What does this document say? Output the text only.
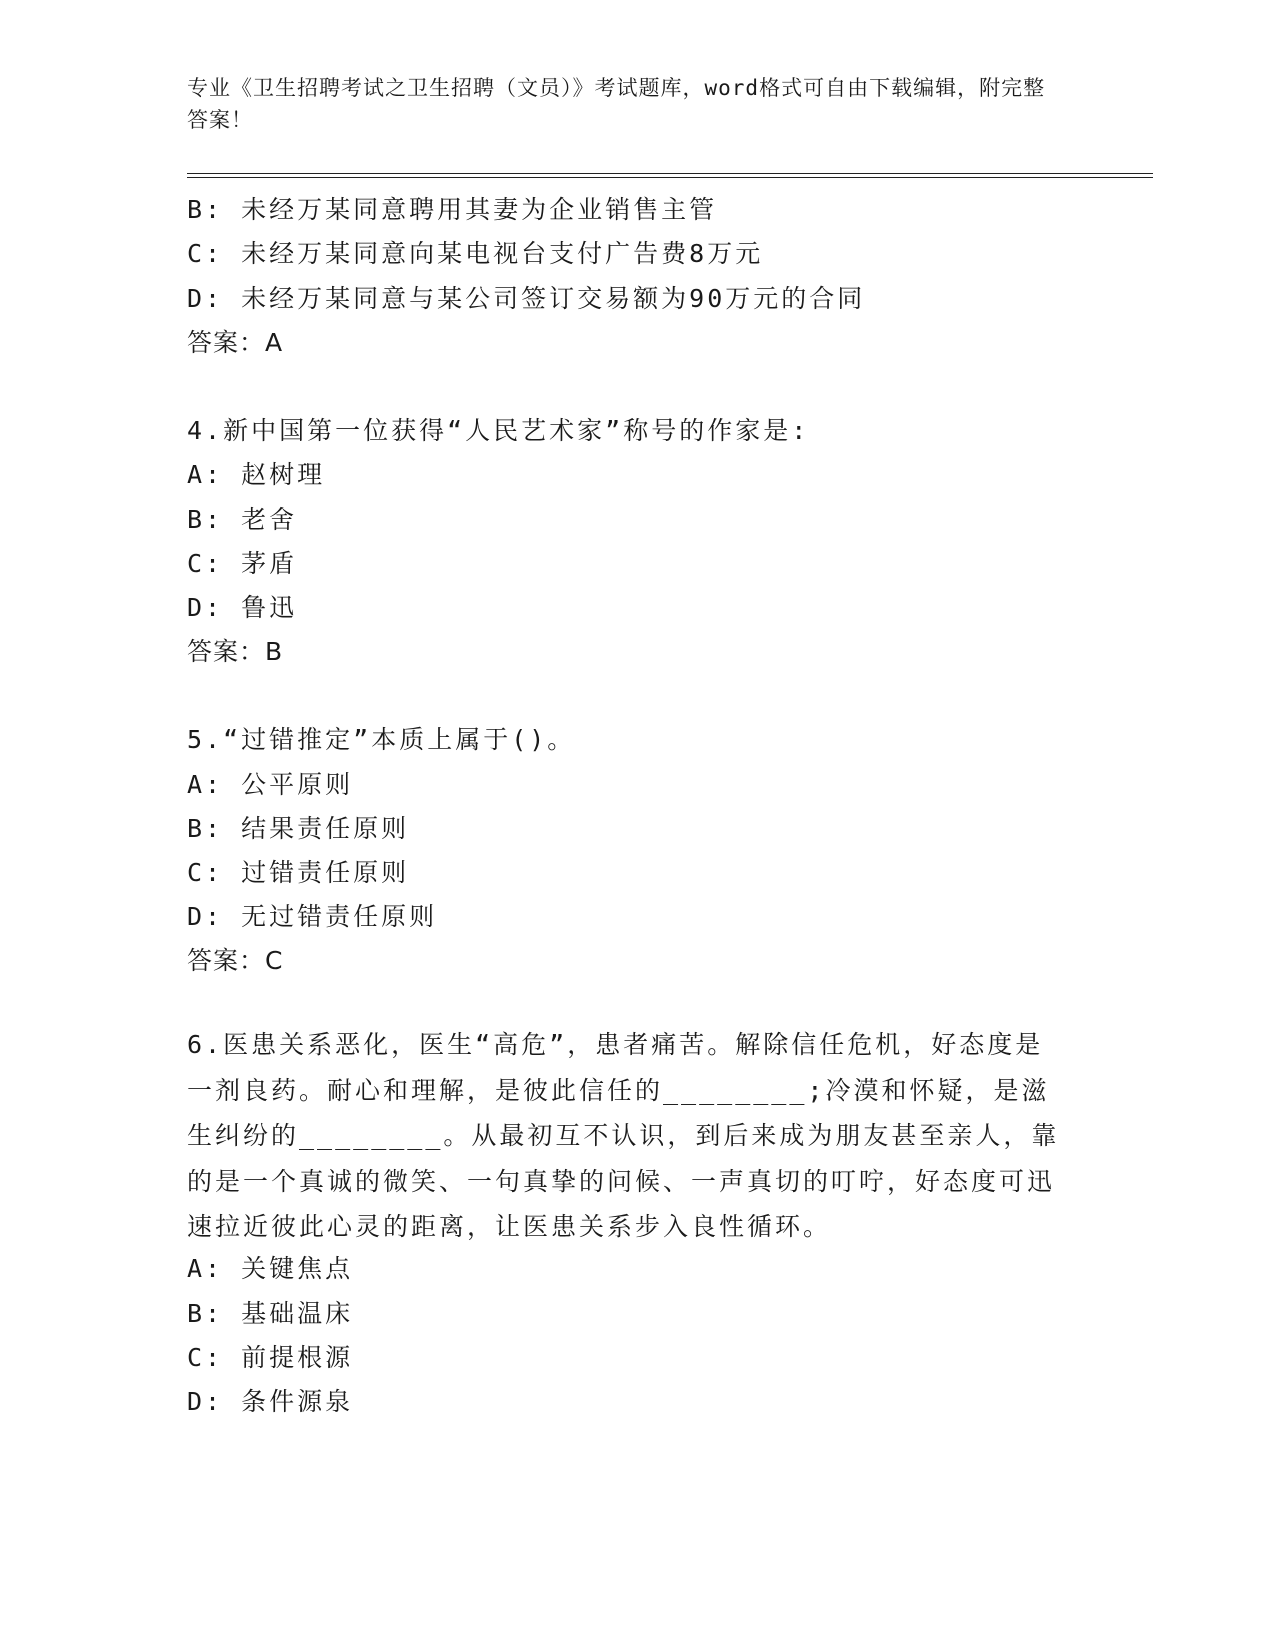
专业《卫生招聘考试之卫生招聘（文员）》考试题库，word格式可自由下载编辑，附完整答案！
B: 未经万某同意聘用其妻为企业销售主管
C: 未经万某同意向某电视台支付广告费8万元
D: 未经万某同意与某公司签订交易额为90万元的合同
答案：A
4.新中国第一位获得“人民艺术家”称号的作家是:
A: 赵树理
B: 老舍
C: 茅盾
D: 鲁迅
答案：B
5.“过错推定”本质上属于()。
A: 公平原则
B: 结果责任原则
C: 过错责任原则
D: 无过错责任原则
答案：C
6.医患关系恶化，医生“高危”，患者痛苦。解除信任危机，好态度是一剂良药。耐心和理解，是彼此信任的________;冷漠和怀疑，是滋生纠纷的________。从最初互不认识，到后来成为朋友甚至亲人，靠的是一个真诚的微笑、一句真挚的问候、一声真切的叮咛，好态度可迅速拉近彼此心灵的距离，让医患关系步入良性循环。
A: 关键焦点
B: 基础温床
C: 前提根源
D: 条件源泉
